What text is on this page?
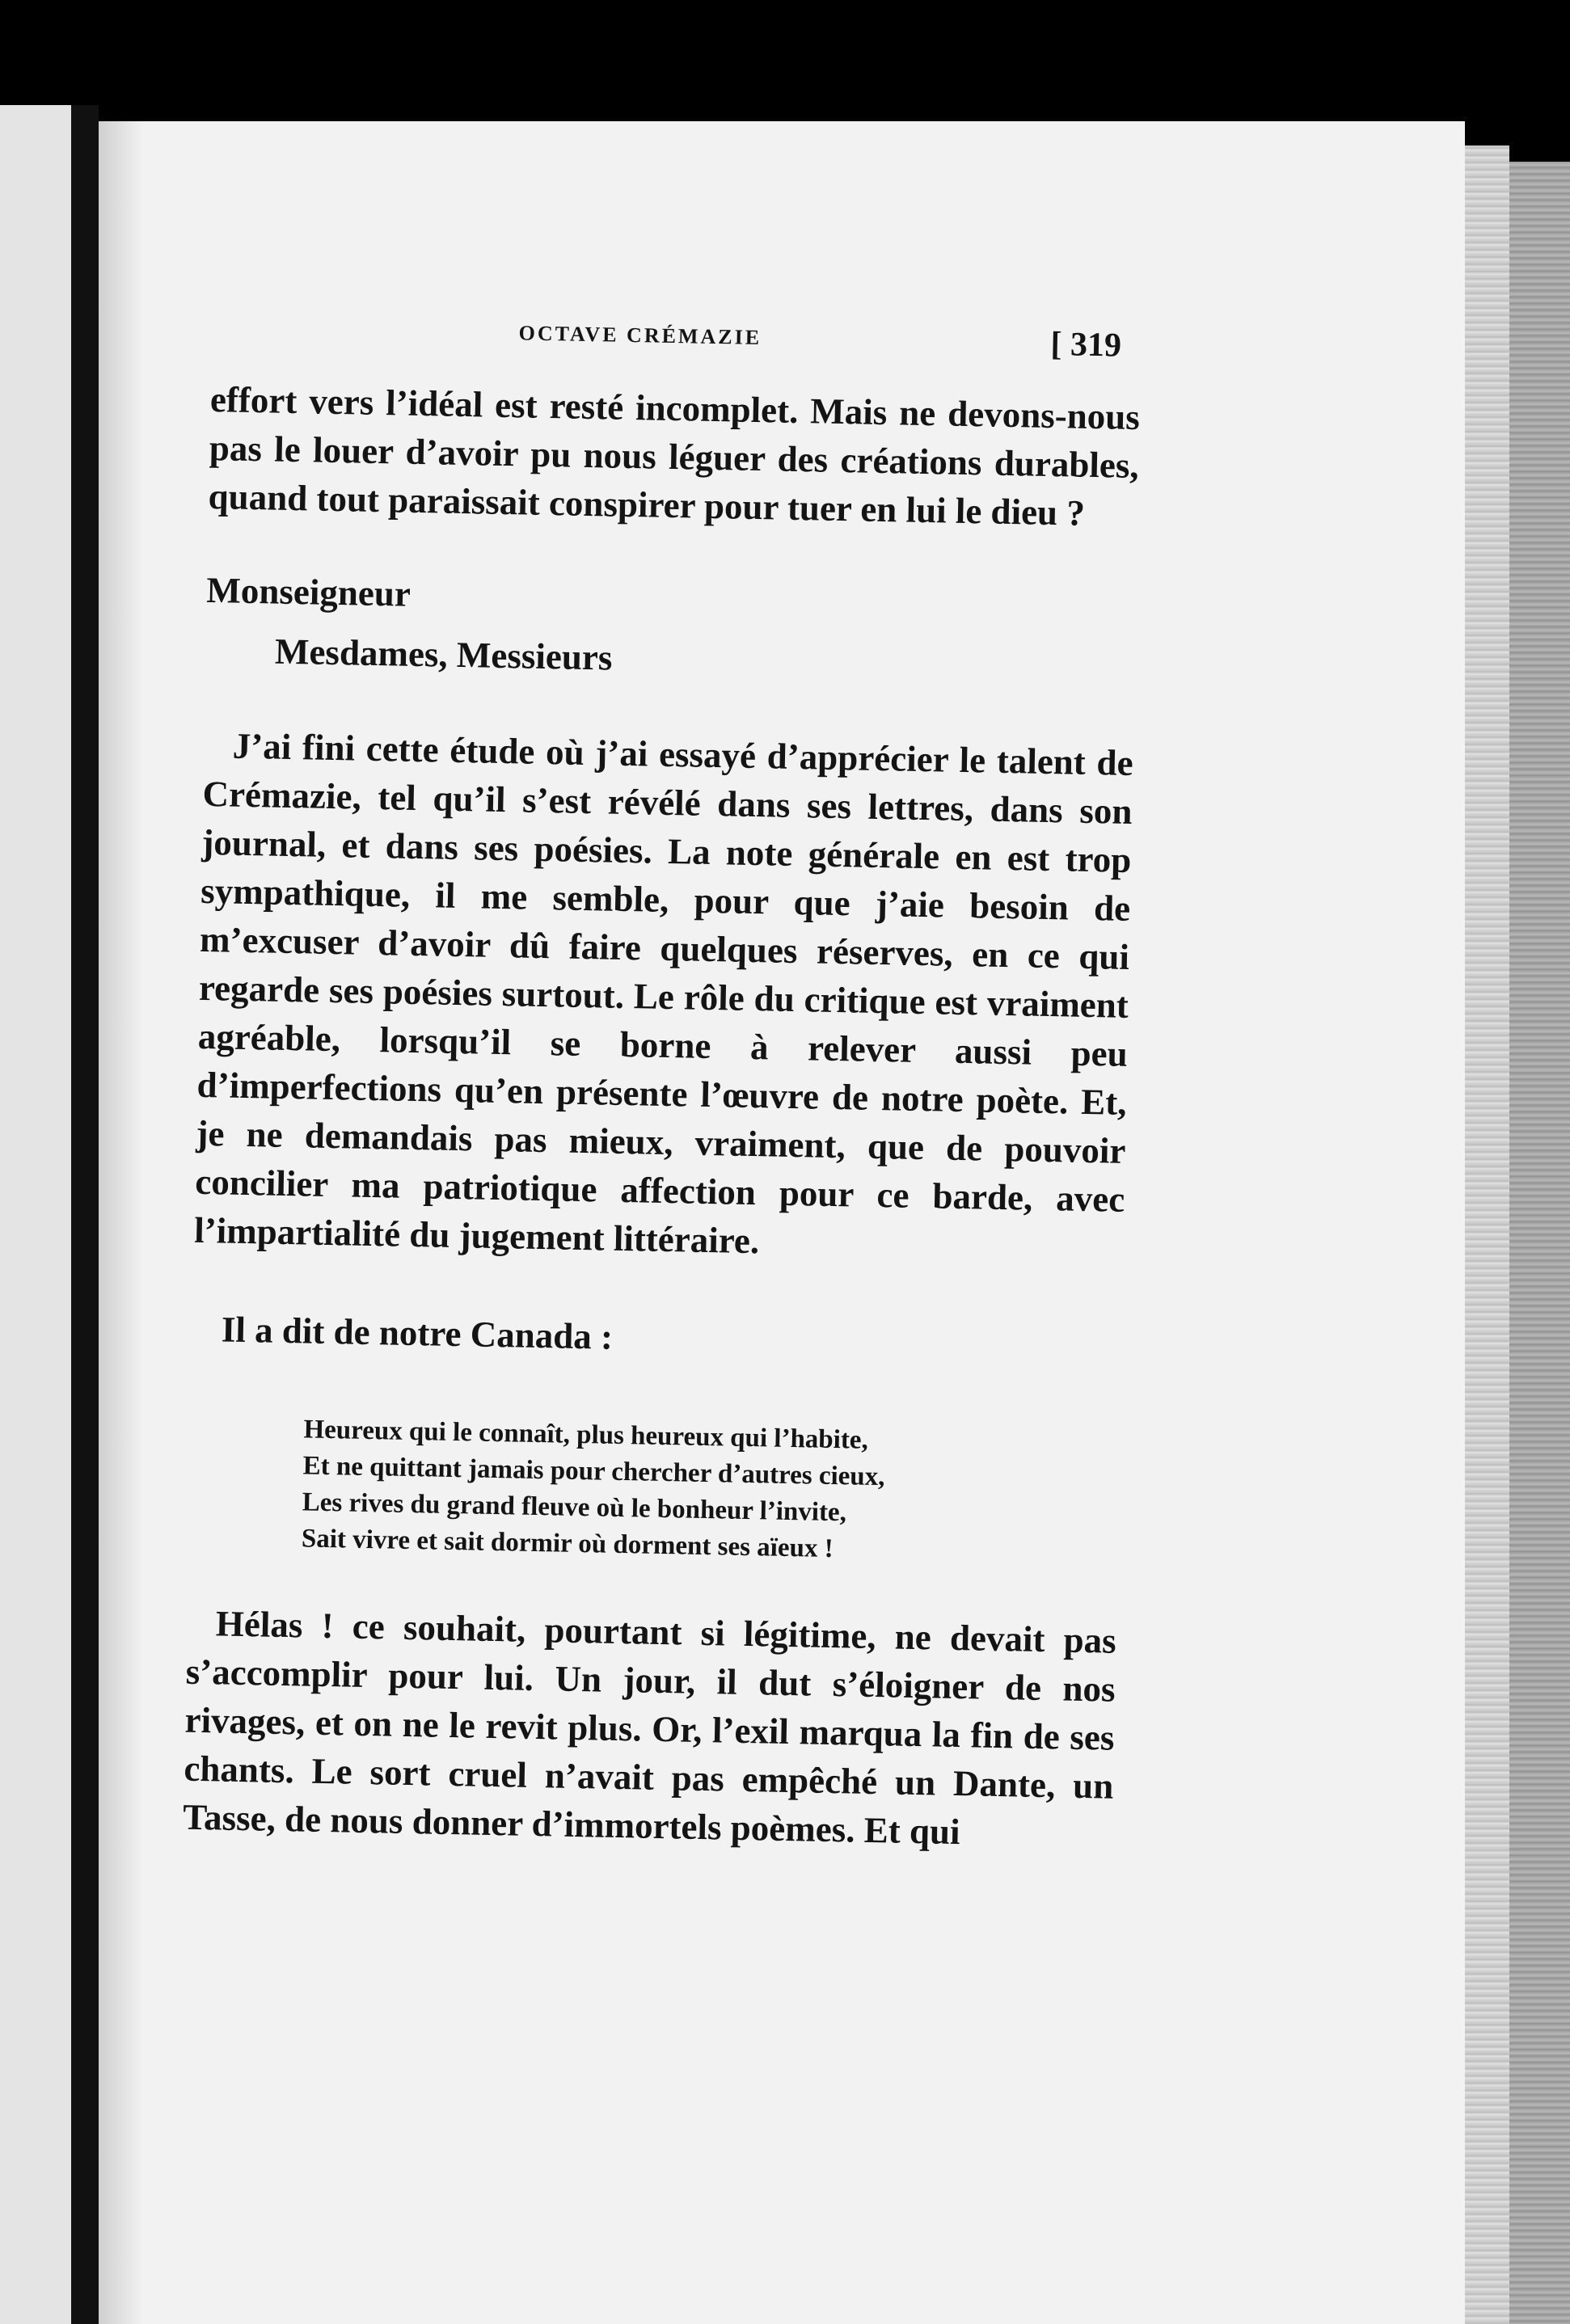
OCTAVE CRÉMAZIE	[ 319

effort vers l’idéal est resté incomplet. Mais ne devons-nous pas le louer d’avoir pu nous léguer des créations durables, quand tout paraissait conspirer pour tuer en lui le dieu ?

Monseigneur

Mesdames, Messieurs

J’ai fini cette étude où j’ai essayé d’apprécier le talent de Crémazie, tel qu’il s’est révélé dans ses lettres, dans son journal, et dans ses poésies. La note générale en est trop sympathique, il me semble, pour que j’aie besoin de m’excuser d’avoir dû faire quelques réserves, en ce qui regarde ses poésies surtout. Le rôle du critique est vraiment agréable, lorsqu’il se borne à relever aussi peu d’imperfections qu’en présente l’œuvre de notre poète. Et, je ne demandais pas mieux, vraiment, que de pouvoir concilier ma patriotique affection pour ce barde, avec l’impartialité du jugement littéraire.

Il a dit de notre Canada :

Heureux qui le connaît, plus heureux qui l’habite,
Et ne quittant jamais pour chercher d’autres cieux,
Les rives du grand fleuve où le bonheur l’invite,
Sait vivre et sait dormir où dorment ses aïeux !

Hélas ! ce souhait, pourtant si légitime, ne devait pas s’accomplir pour lui. Un jour, il dut s’éloigner de nos rivages, et on ne le revit plus. Or, l’exil marqua la fin de ses chants. Le sort cruel n’avait pas empêché un Dante, un Tasse, de nous donner d’immortels poèmes. Et qui
